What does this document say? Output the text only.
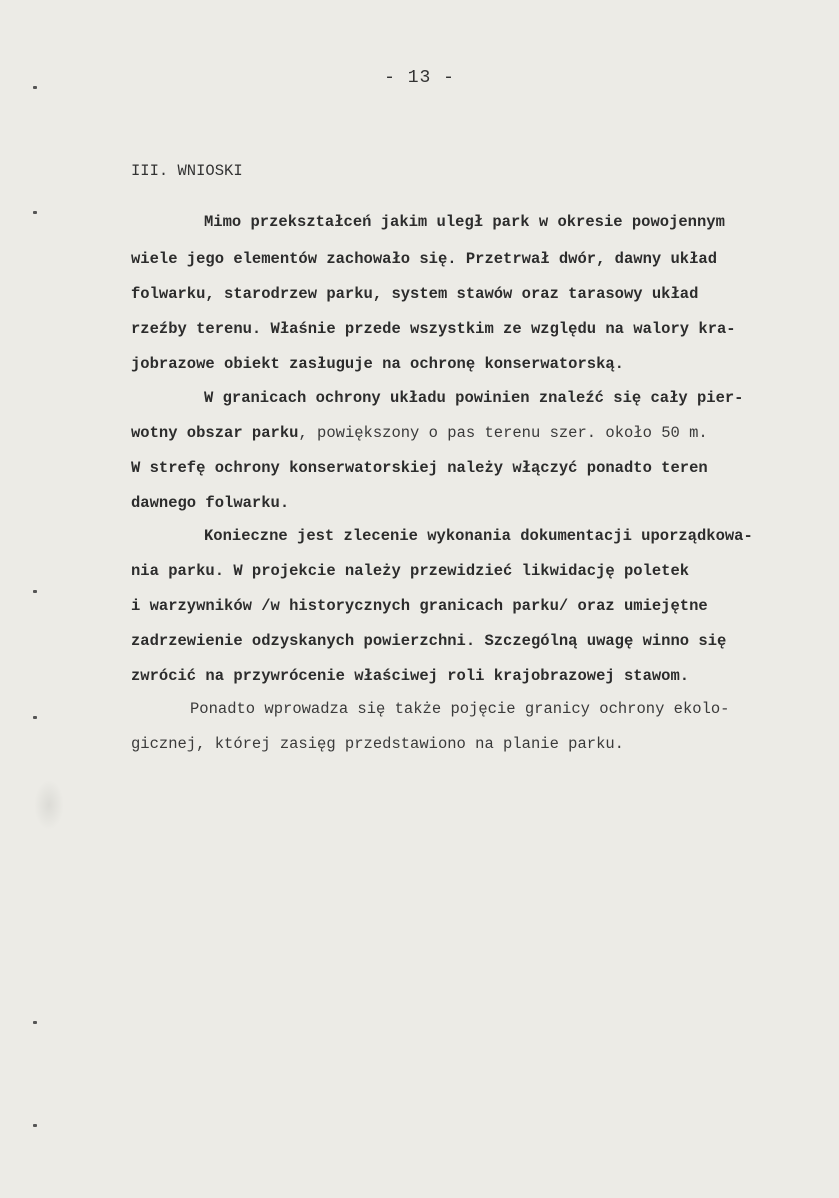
- 13 -
III. WNIOSKI
Mimo przekształceń jakim uległ park w okresie powojennym
wiele jego elementów zachowało się. Przetrwał dwór, dawny układ
folwarku, starodrzew parku, system stawów oraz tarasowy układ
rzeźby terenu. Właśnie przede wszystkim ze względu na walory kra-
jobrazowe obiekt zasługuje na ochronę konserwatorską.
W granicach ochrony układu powinien znaleźć się cały pier-
wotny obszar parku, powiększony o pas terenu szer. około 50 m.
W strefę ochrony konserwatorskiej należy włączyć ponadto teren
dawnego folwarku.
Konieczne jest zlecenie wykonania dokumentacji uporządkowa-
nia parku. W projekcie należy przewidzieć likwidację poletek
i warzywników /w historycznych granicach parku/ oraz umiejętne
zadrzewienie odzyskanych powierzchni. Szczególną uwagę winno się
zwrócić na przywrócenie właściwej roli krajobrazowej stawom.
Ponadto wprowadza się także pojęcie granicy ochrony ekolo-
gicznej, której zasięg przedstawiono na planie parku.
